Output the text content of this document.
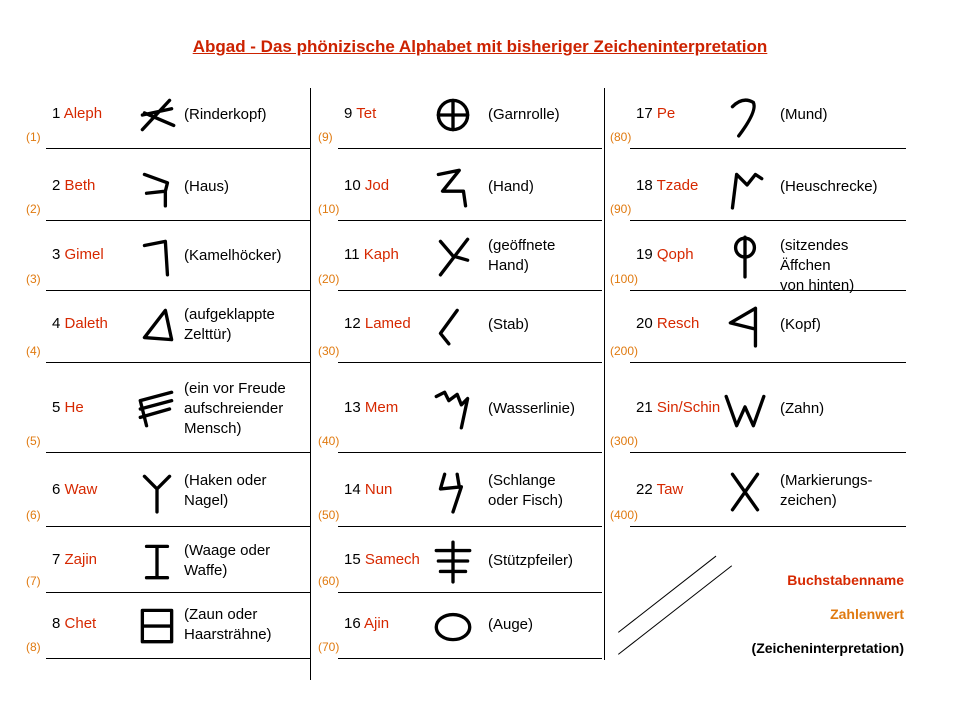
Abgad - Das phönizische Alphabet mit bisheriger Zeicheninterpretation
1 Aleph
(1)
(Rinderkopf)
2 Beth
(2)
(Haus)
3 Gimel
(3)
(Kamelhöcker)
4 Daleth
(4)
(aufgeklappte
Zelttür)
5 He
(5)
(ein vor Freude
aufschreiender
Mensch)
6 Waw
(6)
(Haken oder
Nagel)
7 Zajin
(7)
(Waage oder
Waffe)
8 Chet
(8)
(Zaun oder
Haarsträhne)
9 Tet
(9)
(Garnrolle)
10 Jod
(10)
(Hand)
11 Kaph
(20)
(geöffnete
Hand)
12 Lamed
(30)
(Stab)
13 Mem
(40)
(Wasserlinie)
14 Nun
(50)
(Schlange
oder Fisch)
15 Samech
(60)
(Stützpfeiler)
16 Ajin
(70)
(Auge)
17 Pe
(80)
(Mund)
18 Tzade
(90)
(Heuschrecke)
19 Qoph
(100)
(sitzendes Äffchen
von hinten)
20 Resch
(200)
(Kopf)
21 Sin/Schin
(300)
(Zahn)
22 Taw
(400)
(Markierungs-
zeichen)
Buchstabenname
Zahlenwert
(Zeicheninterpretation)
